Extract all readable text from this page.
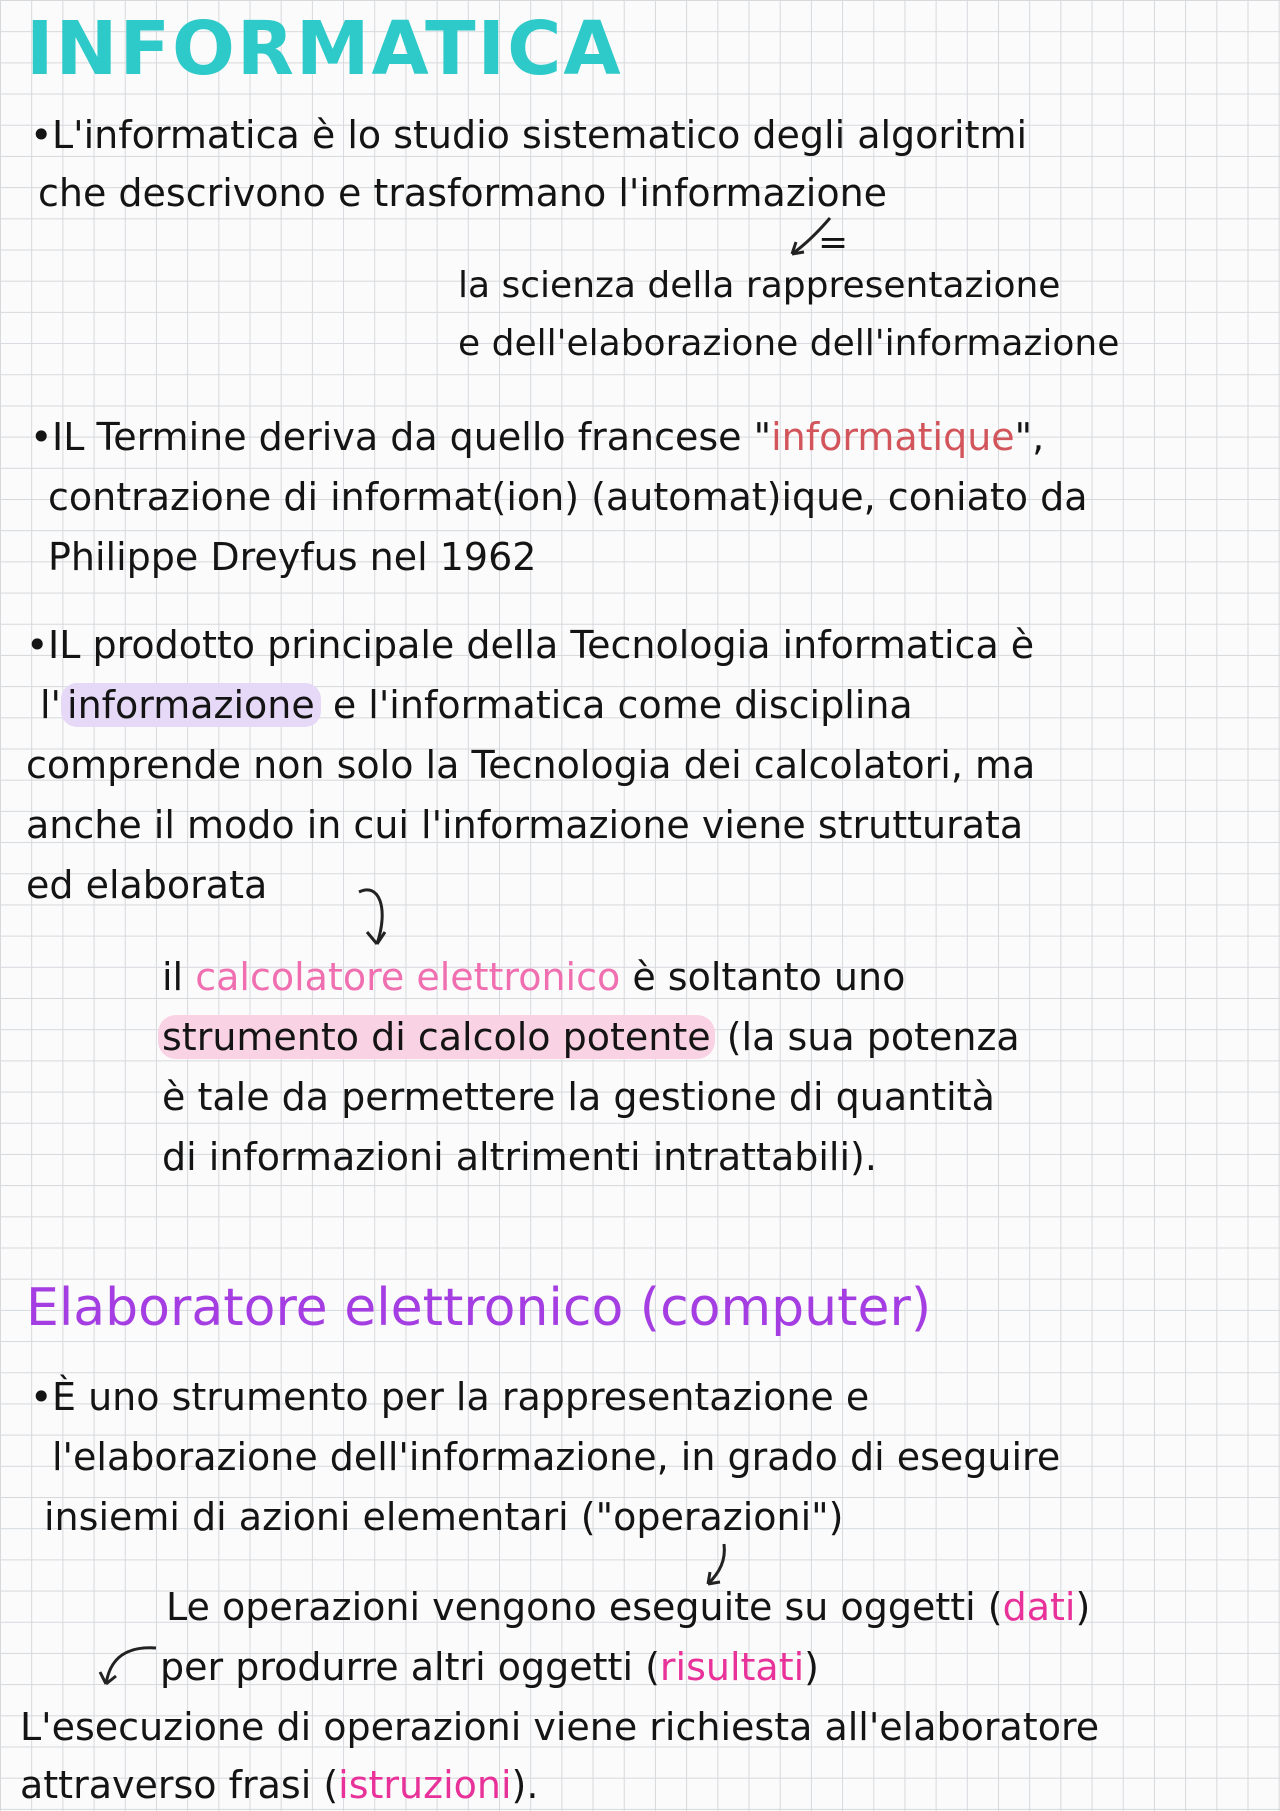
INFORMATICA
•L'informatica è lo studio sistematico degli algoritmi
che descrivono e trasformano l'informazione
=
la scienza della rappresentazione
e dell'elaborazione dell'informazione
•IL Termine deriva da quello francese "informatique",
contrazione di informat(ion) (automat)ique, coniato da
Philippe Dreyfus nel 1962
•IL prodotto principale della Tecnologia informatica è
l' informazione e l'informatica come disciplina
comprende non solo la Tecnologia dei calcolatori, ma
anche il modo in cui l'informazione viene strutturata
ed elaborata
il calcolatore elettronico è soltanto uno
strumento di calcolo potente (la sua potenza
è tale da permettere la gestione di quantità
di informazioni altrimenti intrattabili).
Elaboratore elettronico (computer)
•È uno strumento per la rappresentazione e
l'elaborazione dell'informazione, in grado di eseguire
insiemi di azioni elementari ("operazioni")
Le operazioni vengono eseguite su oggetti (dati)
per produrre altri oggetti (risultati)
L'esecuzione di operazioni viene richiesta all'elaboratore
attraverso frasi (istruzioni).
